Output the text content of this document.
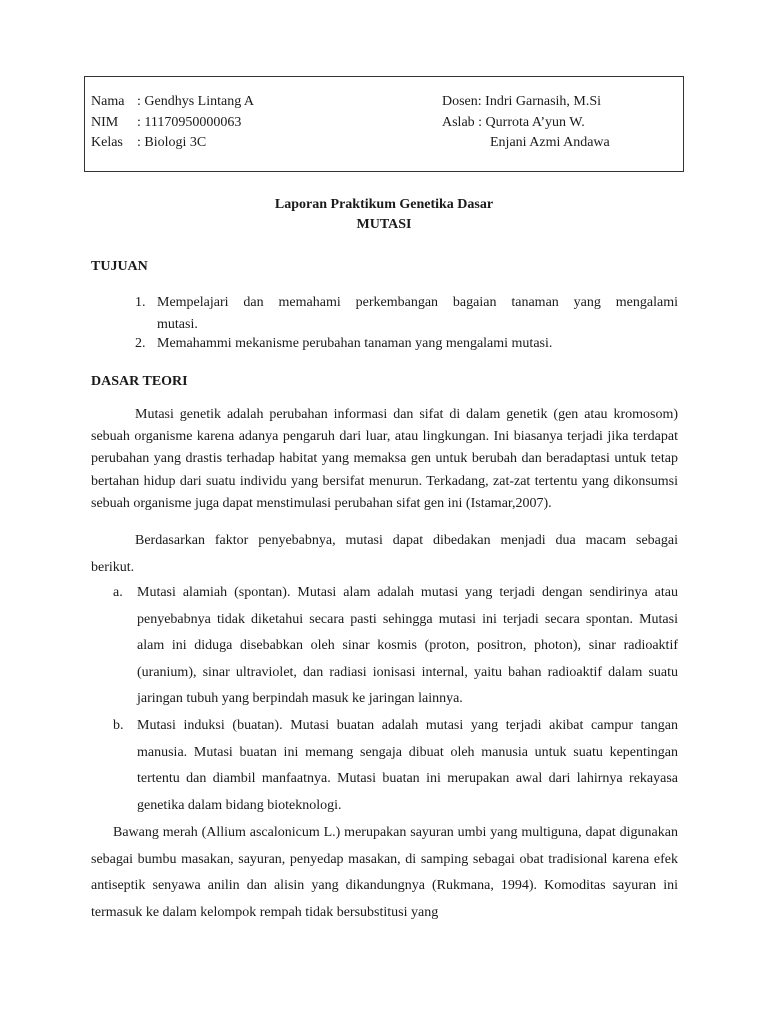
Nama : Gendhys Lintang A
NIM : 11170950000063
Kelas : Biologi 3C
Dosen: Indri Garnasih, M.Si
Aslab : Qurrota A’yun W.
Enjani Azmi Andawa
Laporan Praktikum Genetika Dasar
MUTASI
TUJUAN
1. Mempelajari dan memahami perkembangan bagaian tanaman yang mengalami
mutasi.
2. Memahammi mekanisme perubahan tanaman yang mengalami mutasi.
DASAR TEORI
Mutasi genetik adalah perubahan informasi dan sifat di dalam genetik (gen atau kromosom) sebuah organisme karena adanya pengaruh dari luar, atau lingkungan. Ini biasanya terjadi jika terdapat perubahan yang drastis terhadap habitat yang memaksa gen untuk berubah dan beradaptasi untuk tetap bertahan hidup dari suatu individu yang bersifat menurun. Terkadang, zat-zat tertentu yang dikonsumsi sebuah organisme juga dapat menstimulasi perubahan sifat gen ini (Istamar,2007).
Berdasarkan faktor penyebabnya, mutasi dapat dibedakan menjadi dua macam sebagai
berikut.
a. Mutasi alamiah (spontan). Mutasi alam adalah mutasi yang terjadi dengan sendirinya atau penyebabnya tidak diketahui secara pasti sehingga mutasi ini terjadi secara spontan. Mutasi alam ini diduga disebabkan oleh sinar kosmis (proton, positron, photon), sinar radioaktif (uranium), sinar ultraviolet, dan radiasi ionisasi internal, yaitu bahan radioaktif dalam suatu jaringan tubuh yang berpindah masuk ke jaringan lainnya.
b. Mutasi induksi (buatan). Mutasi buatan adalah mutasi yang terjadi akibat campur tangan manusia. Mutasi buatan ini memang sengaja dibuat oleh manusia untuk suatu kepentingan tertentu dan diambil manfaatnya. Mutasi buatan ini merupakan awal dari lahirnya rekayasa genetika dalam bidang bioteknologi.
Bawang merah (Allium ascalonicum L.) merupakan sayuran umbi yang multiguna, dapat digunakan sebagai bumbu masakan, sayuran, penyedap masakan, di samping sebagai obat tradisional karena efek antiseptik senyawa anilin dan alisin yang dikandungnya (Rukmana, 1994). Komoditas sayuran ini termasuk ke dalam kelompok rempah tidak bersubstitusi yang
